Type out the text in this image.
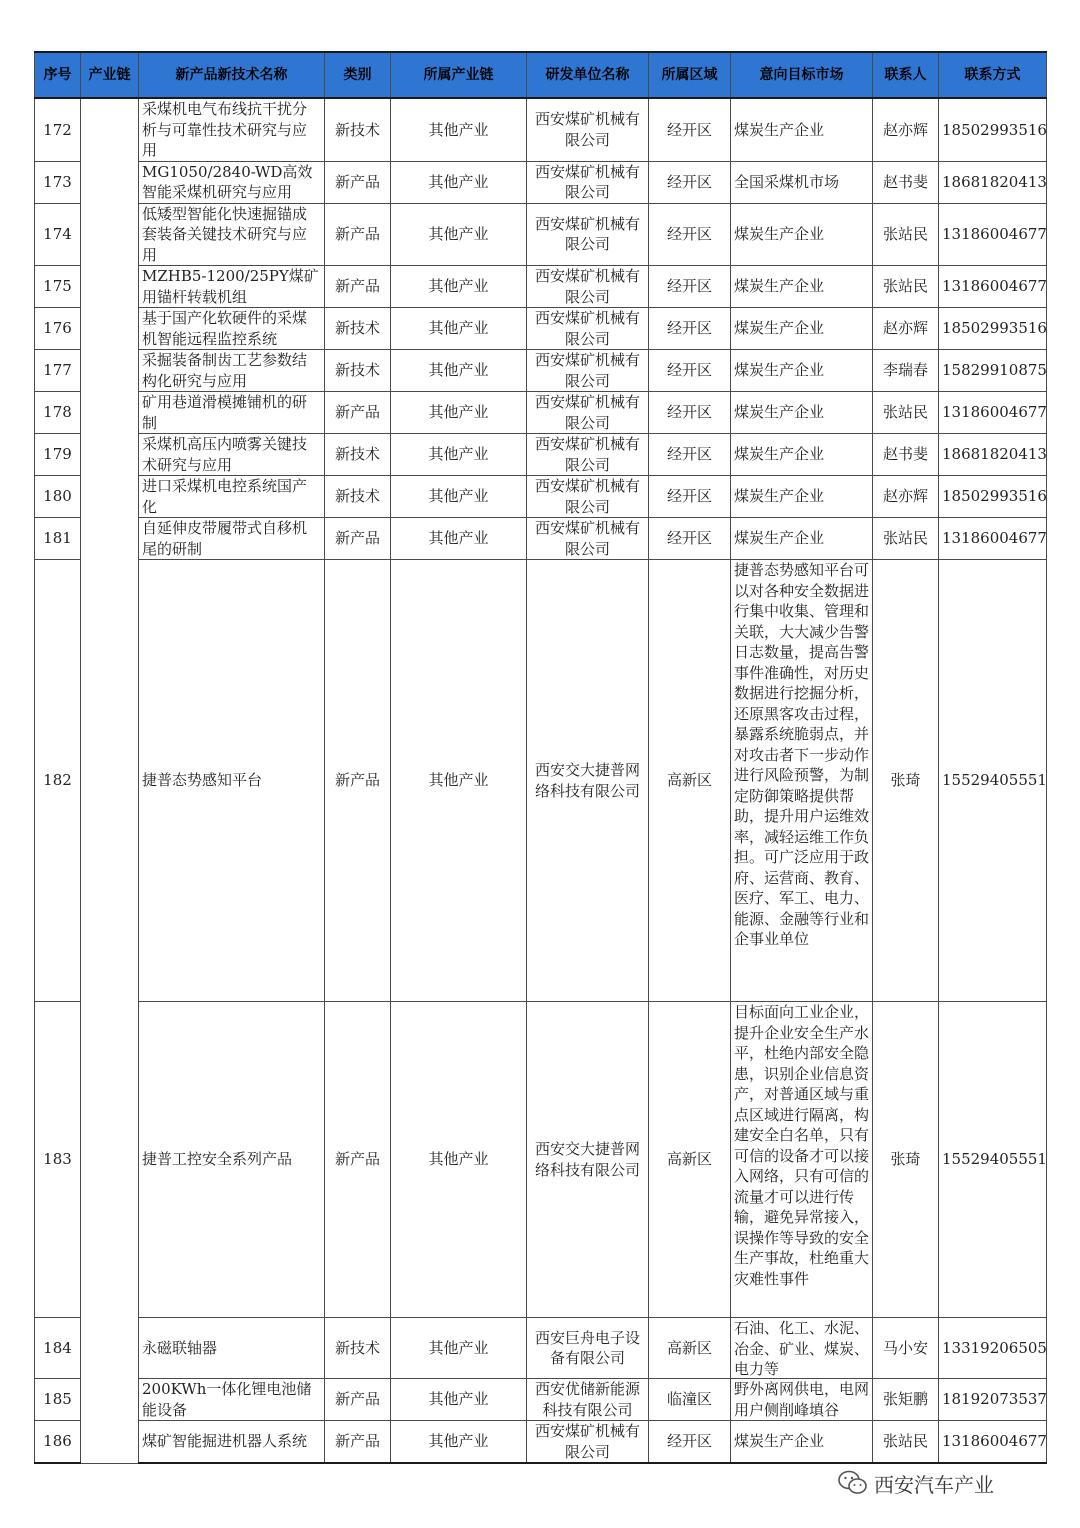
序号	产业链	新产品新技术名称	类别	所属产业链	研发单位名称	所属区域	意向目标市场	联系人	联系方式
172		采煤机电气布线抗干扰分析与可靠性技术研究与应用	新技术	其他产业	西安煤矿机械有限公司	经开区	煤炭生产企业	赵亦辉	18502993516
173		MG1050/2840-WD高效智能采煤机研究与应用	新产品	其他产业	西安煤矿机械有限公司	经开区	全国采煤机市场	赵书斐	18681820413
174		低矮型智能化快速掘锚成套装备关键技术研究与应用	新产品	其他产业	西安煤矿机械有限公司	经开区	煤炭生产企业	张站民	13186004677
175		MZHB5-1200/25PY煤矿用锚杆转载机组	新产品	其他产业	西安煤矿机械有限公司	经开区	煤炭生产企业	张站民	13186004677
176		基于国产化软硬件的采煤机智能远程监控系统	新技术	其他产业	西安煤矿机械有限公司	经开区	煤炭生产企业	赵亦辉	18502993516
177		采掘装备制齿工艺参数结构化研究与应用	新技术	其他产业	西安煤矿机械有限公司	经开区	煤炭生产企业	李瑞春	15829910875
178		矿用巷道滑模摊铺机的研制	新产品	其他产业	西安煤矿机械有限公司	经开区	煤炭生产企业	张站民	13186004677
179		采煤机高压内喷雾关键技术研究与应用	新技术	其他产业	西安煤矿机械有限公司	经开区	煤炭生产企业	赵书斐	18681820413
180		进口采煤机电控系统国产化	新技术	其他产业	西安煤矿机械有限公司	经开区	煤炭生产企业	赵亦辉	18502993516
181		自延伸皮带履带式自移机尾的研制	新产品	其他产业	西安煤矿机械有限公司	经开区	煤炭生产企业	张站民	13186004677
182		捷普态势感知平台	新产品	其他产业	西安交大捷普网络科技有限公司	高新区	捷普态势感知平台可以对各种安全数据进行集中收集、管理和关联，大大减少告警日志数量，提高告警事件准确性，对历史数据进行挖掘分析，还原黑客攻击过程，暴露系统脆弱点，并对攻击者下一步动作进行风险预警，为制定防御策略提供帮助，提升用户运维效率，减轻运维工作负担。可广泛应用于政府、运营商、教育、医疗、军工、电力、能源、金融等行业和企事业单位	张琦	15529405551
183		捷普工控安全系列产品	新产品	其他产业	西安交大捷普网络科技有限公司	高新区	目标面向工业企业，提升企业安全生产水平，杜绝内部安全隐患，识别企业信息资产，对普通区域与重点区域进行隔离，构建安全白名单，只有可信的设备才可以接入网络，只有可信的流量才可以进行传输，避免异常接入，误操作等导致的安全生产事故，杜绝重大灾难性事件	张琦	15529405551
184		永磁联轴器	新技术	其他产业	西安巨舟电子设备有限公司	高新区	石油、化工、水泥、冶金、矿业、煤炭、电力等	马小安	13319206505
185		200KWh一体化锂电池储能设备	新产品	其他产业	西安优储新能源科技有限公司	临潼区	野外离网供电，电网用户侧削峰填谷	张矩鹏	18192073537
186		煤矿智能掘进机器人系统	新产品	其他产业	西安煤矿机械有限公司	经开区	煤炭生产企业	张站民	13186004677
西安汽车产业
